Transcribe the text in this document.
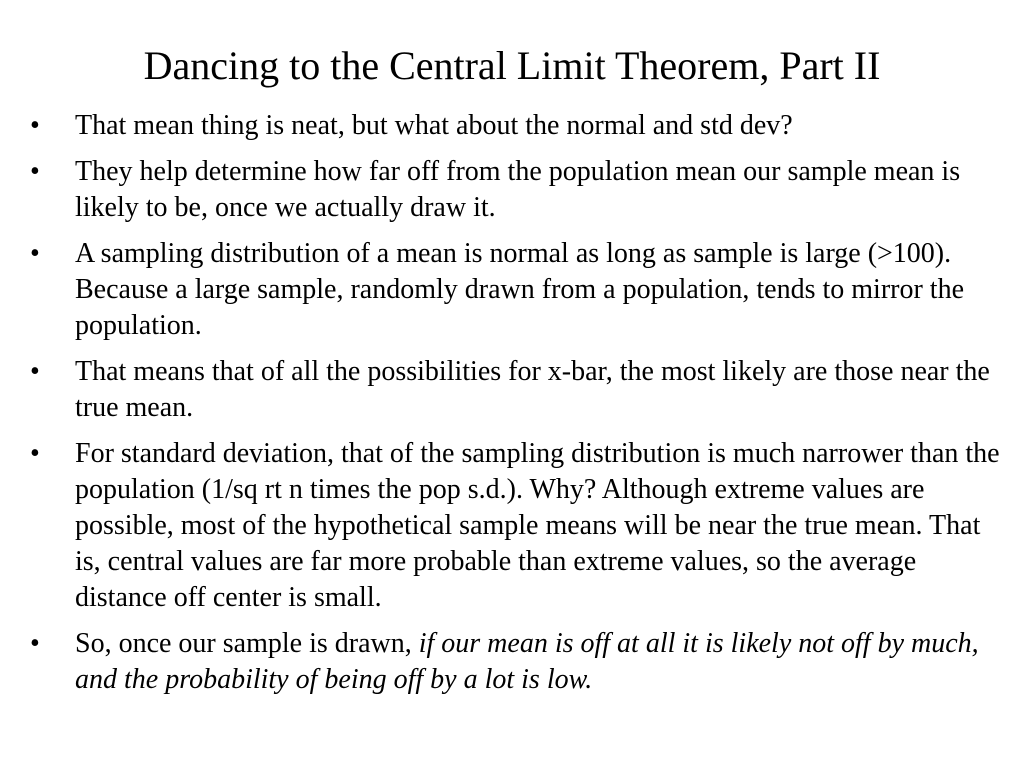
Dancing to the Central Limit Theorem, Part II
•	That mean thing is neat, but what about the normal and std dev?
•	They help determine how far off from the population mean our sample mean is likely to be, once we actually draw it.
•	A sampling distribution of a mean is normal as long as sample is large (>100). Because a large sample, randomly drawn from a population, tends to mirror the population.
•	That means that of all the possibilities for x-bar, the most likely are those near the true mean.
•	For standard deviation, that of the sampling distribution is much narrower than the population (1/sq rt n times the pop s.d.). Why? Although extreme values are possible, most of the hypothetical sample means will be near the true mean. That is, central values are far more probable than extreme values, so the average distance off center is small.
•	So, once our sample is drawn, if our mean is off at all it is likely not off by much, and the probability of being off by a lot is low.
